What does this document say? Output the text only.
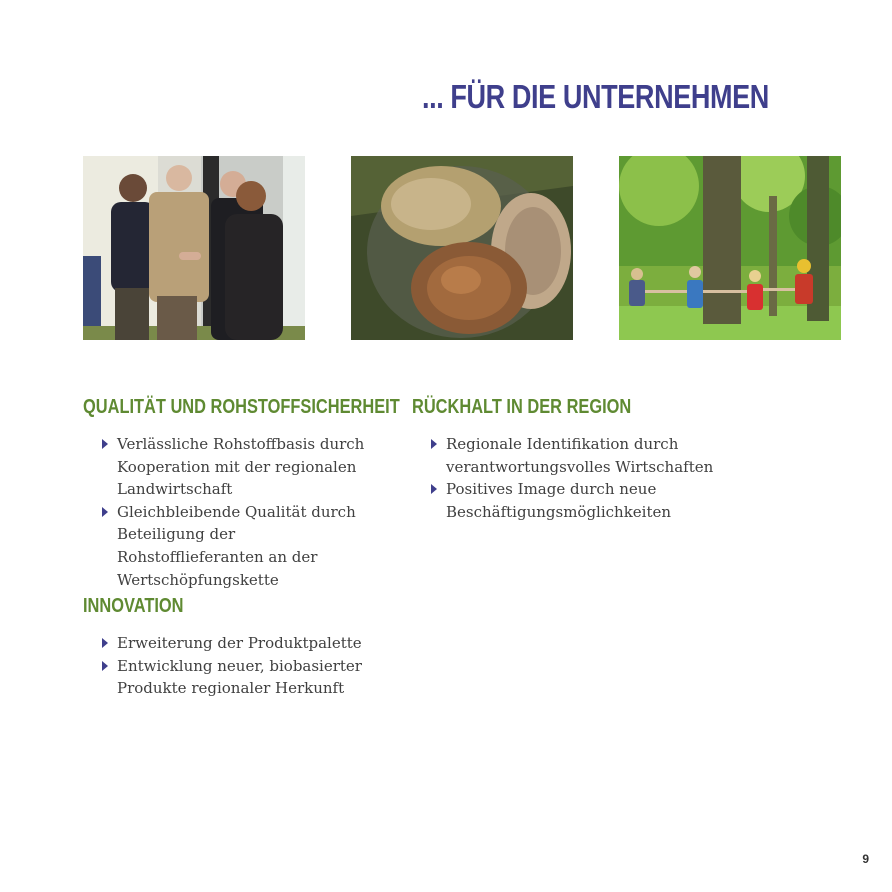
... FÜR DIE UNTERNEHMEN
QUALITÄT UND ROHSTOFFSICHERHEIT
Verlässliche Rohstoffbasis durch Kooperation mit der regionalen Landwirtschaft
Gleichbleibende Qualität durch Beteiligung der Rohstofflieferanten an der Wertschöpfungskette
RÜCKHALT IN DER REGION
Regionale Identifikation durch verantwortungsvolles Wirtschaften
Positives Image durch neue Beschäftigungsmöglichkeiten
INNOVATION
Erweiterung der Produktpalette
Entwicklung neuer, biobasierter Produkte regionaler Herkunft
9
